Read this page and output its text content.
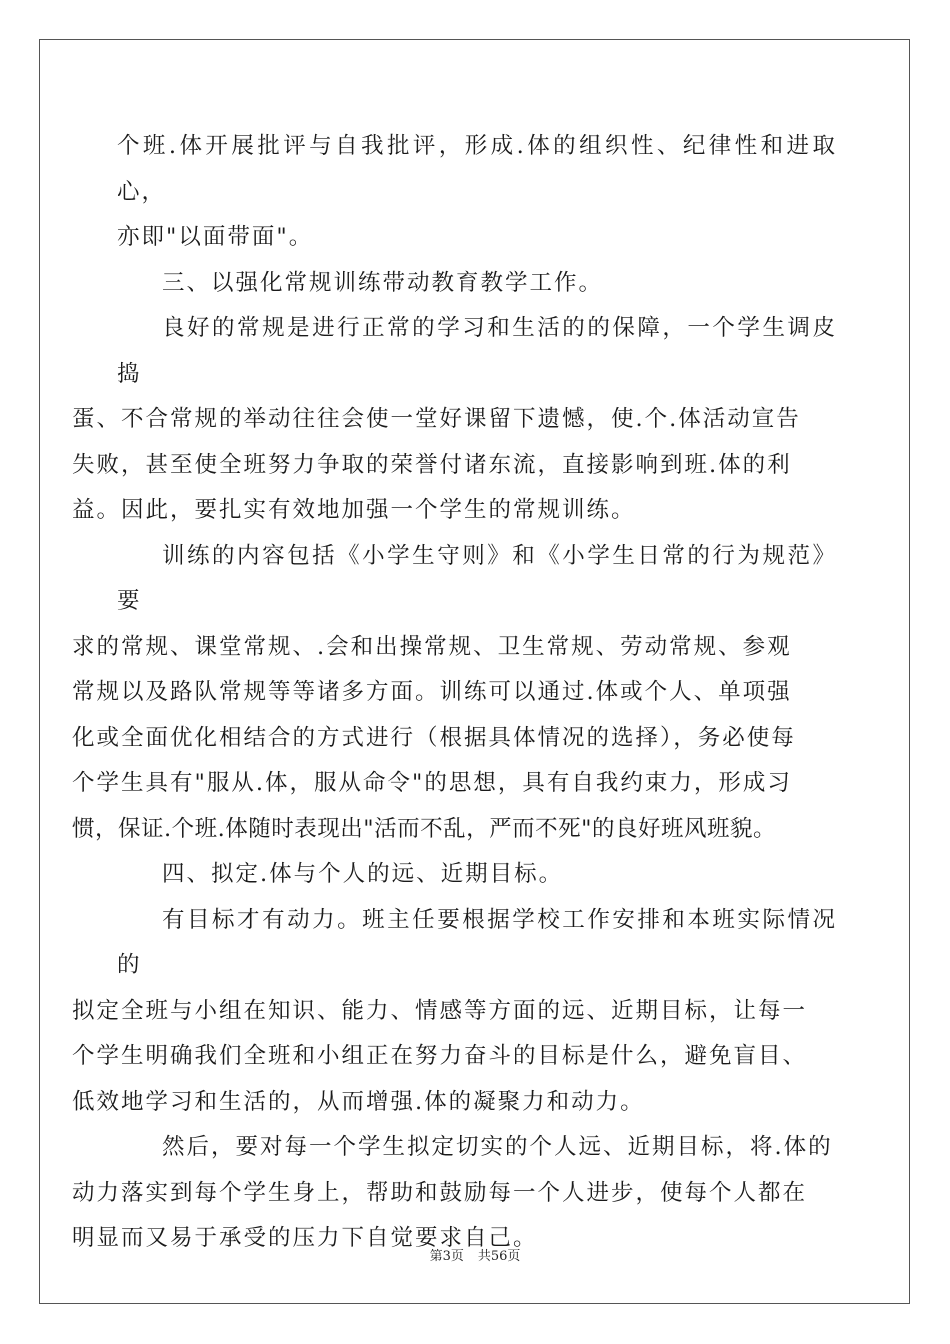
个班.体开展批评与自我批评，形成.体的组织性、纪律性和进取心，
亦即"以面带面"。

三、以强化常规训练带动教育教学工作。

良好的常规是进行正常的学习和生活的的保障，一个学生调皮捣
蛋、不合常规的举动往往会使一堂好课留下遗憾，使.个.体活动宣告
失败，甚至使全班努力争取的荣誉付诸东流，直接影响到班.体的利
益。因此，要扎实有效地加强一个学生的常规训练。

训练的内容包括《小学生守则》和《小学生日常的行为规范》要
求的常规、课堂常规、.会和出操常规、卫生常规、劳动常规、参观
常规以及路队常规等等诸多方面。训练可以通过.体或个人、单项强
化或全面优化相结合的方式进行（根据具体情况的选择），务必使每
个学生具有"服从.体，服从命令"的思想，具有自我约束力，形成习
惯，保证.个班.体随时表现出"活而不乱，严而不死"的良好班风班貌。

四、拟定.体与个人的远、近期目标。

有目标才有动力。班主任要根据学校工作安排和本班实际情况的
拟定全班与小组在知识、能力、情感等方面的远、近期目标，让每一
个学生明确我们全班和小组正在努力奋斗的目标是什么，避免盲目、
低效地学习和生活的，从而增强.体的凝聚力和动力。

然后，要对每一个学生拟定切实的个人远、近期目标，将.体的
动力落实到每个学生身上，帮助和鼓励每一个人进步，使每个人都在
明显而又易于承受的压力下自觉要求自己。

第3页 共56页
